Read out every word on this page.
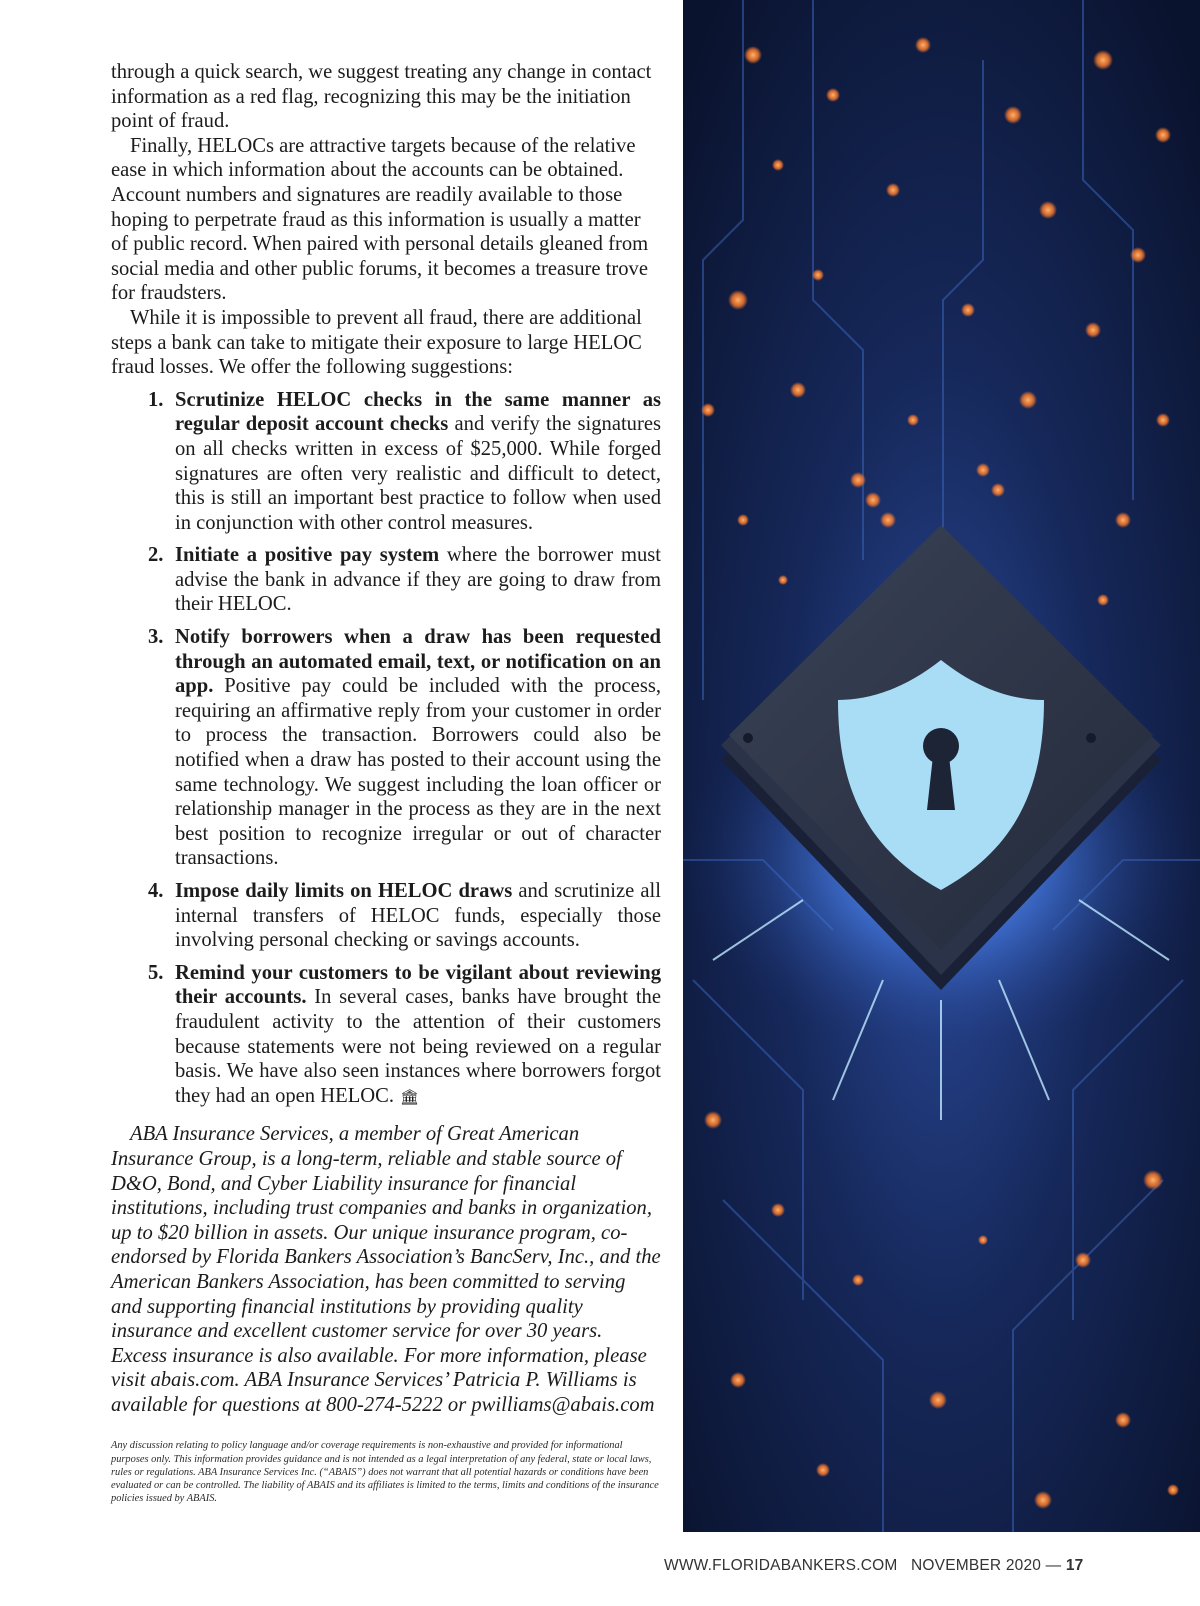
through a quick search, we suggest treating any change in contact information as a red flag, recognizing this may be the initiation point of fraud.

Finally, HELOCs are attractive targets because of the relative ease in which information about the accounts can be obtained. Account numbers and signatures are readily available to those hoping to perpetrate fraud as this information is usually a matter of public record. When paired with personal details gleaned from social media and other public forums, it becomes a treasure trove for fraudsters.

While it is impossible to prevent all fraud, there are additional steps a bank can take to mitigate their exposure to large HELOC fraud losses. We offer the following suggestions:

1. Scrutinize HELOC checks in the same manner as regular deposit account checks and verify the signatures on all checks written in excess of $25,000. While forged signatures are often very realistic and difficult to detect, this is still an important best practice to follow when used in conjunction with other control measures.
2. Initiate a positive pay system where the borrower must advise the bank in advance if they are going to draw from their HELOC.
3. Notify borrowers when a draw has been requested through an automated email, text, or notification on an app. Positive pay could be included with the process, requiring an affirmative reply from your customer in order to process the transaction. Borrowers could also be notified when a draw has posted to their account using the same technology. We suggest including the loan officer or relationship manager in the process as they are in the next best position to recognize irregular or out of character transactions.
4. Impose daily limits on HELOC draws and scrutinize all internal transfers of HELOC funds, especially those involving personal checking or savings accounts.
5. Remind your customers to be vigilant about reviewing their accounts. In several cases, banks have brought the fraudulent activity to the attention of their customers because statements were not being reviewed on a regular basis. We have also seen instances where borrowers forgot they had an open HELOC. 🏛

ABA Insurance Services, a member of Great American Insurance Group, is a long-term, reliable and stable source of D&O, Bond, and Cyber Liability insurance for financial institutions, including trust companies and banks in organization, up to $20 billion in assets. Our unique insurance program, co-endorsed by Florida Bankers Association’s BancServ, Inc., and the American Bankers Association, has been committed to serving and supporting financial institutions by providing quality insurance and excellent customer service for over 30 years. Excess insurance is also available. For more information, please visit abais.com. ABA Insurance Services’ Patricia P. Williams is available for questions at 800-274-5222 or pwilliams@abais.com

Any discussion relating to policy language and/or coverage requirements is non-exhaustive and provided for informational purposes only. This information provides guidance and is not intended as a legal interpretation of any federal, state or local laws, rules or regulations. ABA Insurance Services Inc. (“ABAIS”) does not warrant that all potential hazards or conditions have been evaluated or can be controlled. The liability of ABAIS and its affiliates is limited to the terms, limits and conditions of the insurance policies issued by ABAIS.

WWW.FLORIDABANKERS.COM NOVEMBER 2020 — 17
